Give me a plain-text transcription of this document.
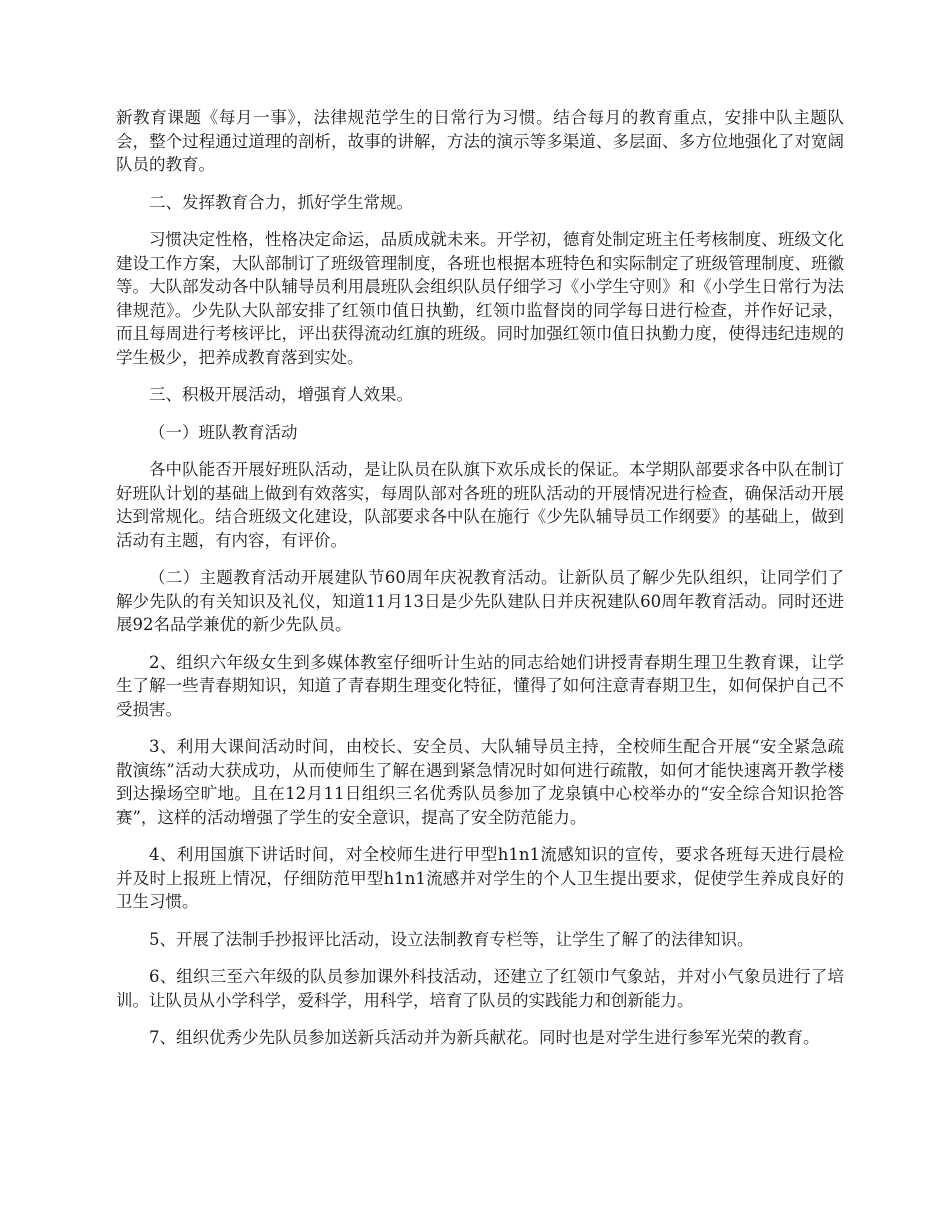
新教育课题《每月一事》，法律规范学生的日常行为习惯。结合每月的教育重点，安排中队主题队会，整个过程通过道理的剖析，故事的讲解，方法的演示等多渠道、多层面、多方位地强化了对宽阔队员的教育。

二、发挥教育合力，抓好学生常规。

习惯决定性格，性格决定命运，品质成就未来。开学初，德育处制定班主任考核制度、班级文化建设工作方案，大队部制订了班级管理制度，各班也根据本班特色和实际制定了班级管理制度、班徽等。大队部发动各中队辅导员利用晨班队会组织队员仔细学习《小学生守则》和《小学生日常行为法律规范》。少先队大队部安排了红领巾值日执勤，红领巾监督岗的同学每日进行检查，并作好记录，而且每周进行考核评比，评出获得流动红旗的班级。同时加强红领巾值日执勤力度，使得违纪违规的学生极少，把养成教育落到实处。

三、积极开展活动，增强育人效果。

（一）班队教育活动

各中队能否开展好班队活动，是让队员在队旗下欢乐成长的保证。本学期队部要求各中队在制订好班队计划的基础上做到有效落实，每周队部对各班的班队活动的开展情况进行检查，确保活动开展达到常规化。结合班级文化建设，队部要求各中队在施行《少先队辅导员工作纲要》的基础上，做到活动有主题，有内容，有评价。

（二）主题教育活动开展建队节60周年庆祝教育活动。让新队员了解少先队组织，让同学们了解少先队的有关知识及礼仪，知道11月13日是少先队建队日并庆祝建队60周年教育活动。同时还进展92名品学兼优的新少先队员。

2、组织六年级女生到多媒体教室仔细听计生站的同志给她们讲授青春期生理卫生教育课，让学生了解一些青春期知识，知道了青春期生理变化特征，懂得了如何注意青春期卫生，如何保护自己不受损害。

3、利用大课间活动时间，由校长、安全员、大队辅导员主持，全校师生配合开展“安全紧急疏散演练”活动大获成功，从而使师生了解在遇到紧急情况时如何进行疏散，如何才能快速离开教学楼到达操场空旷地。且在12月11日组织三名优秀队员参加了龙泉镇中心校举办的“安全综合知识抢答赛”，这样的活动增强了学生的安全意识，提高了安全防范能力。

4、利用国旗下讲话时间，对全校师生进行甲型h1n1流感知识的宣传，要求各班每天进行晨检并及时上报班上情况，仔细防范甲型h1n1流感并对学生的个人卫生提出要求，促使学生养成良好的卫生习惯。

5、开展了法制手抄报评比活动，设立法制教育专栏等，让学生了解了的法律知识。

6、组织三至六年级的队员参加课外科技活动，还建立了红领巾气象站，并对小气象员进行了培训。让队员从小学科学，爱科学，用科学，培育了队员的实践能力和创新能力。

7、组织优秀少先队员参加送新兵活动并为新兵献花。同时也是对学生进行参军光荣的教育。
